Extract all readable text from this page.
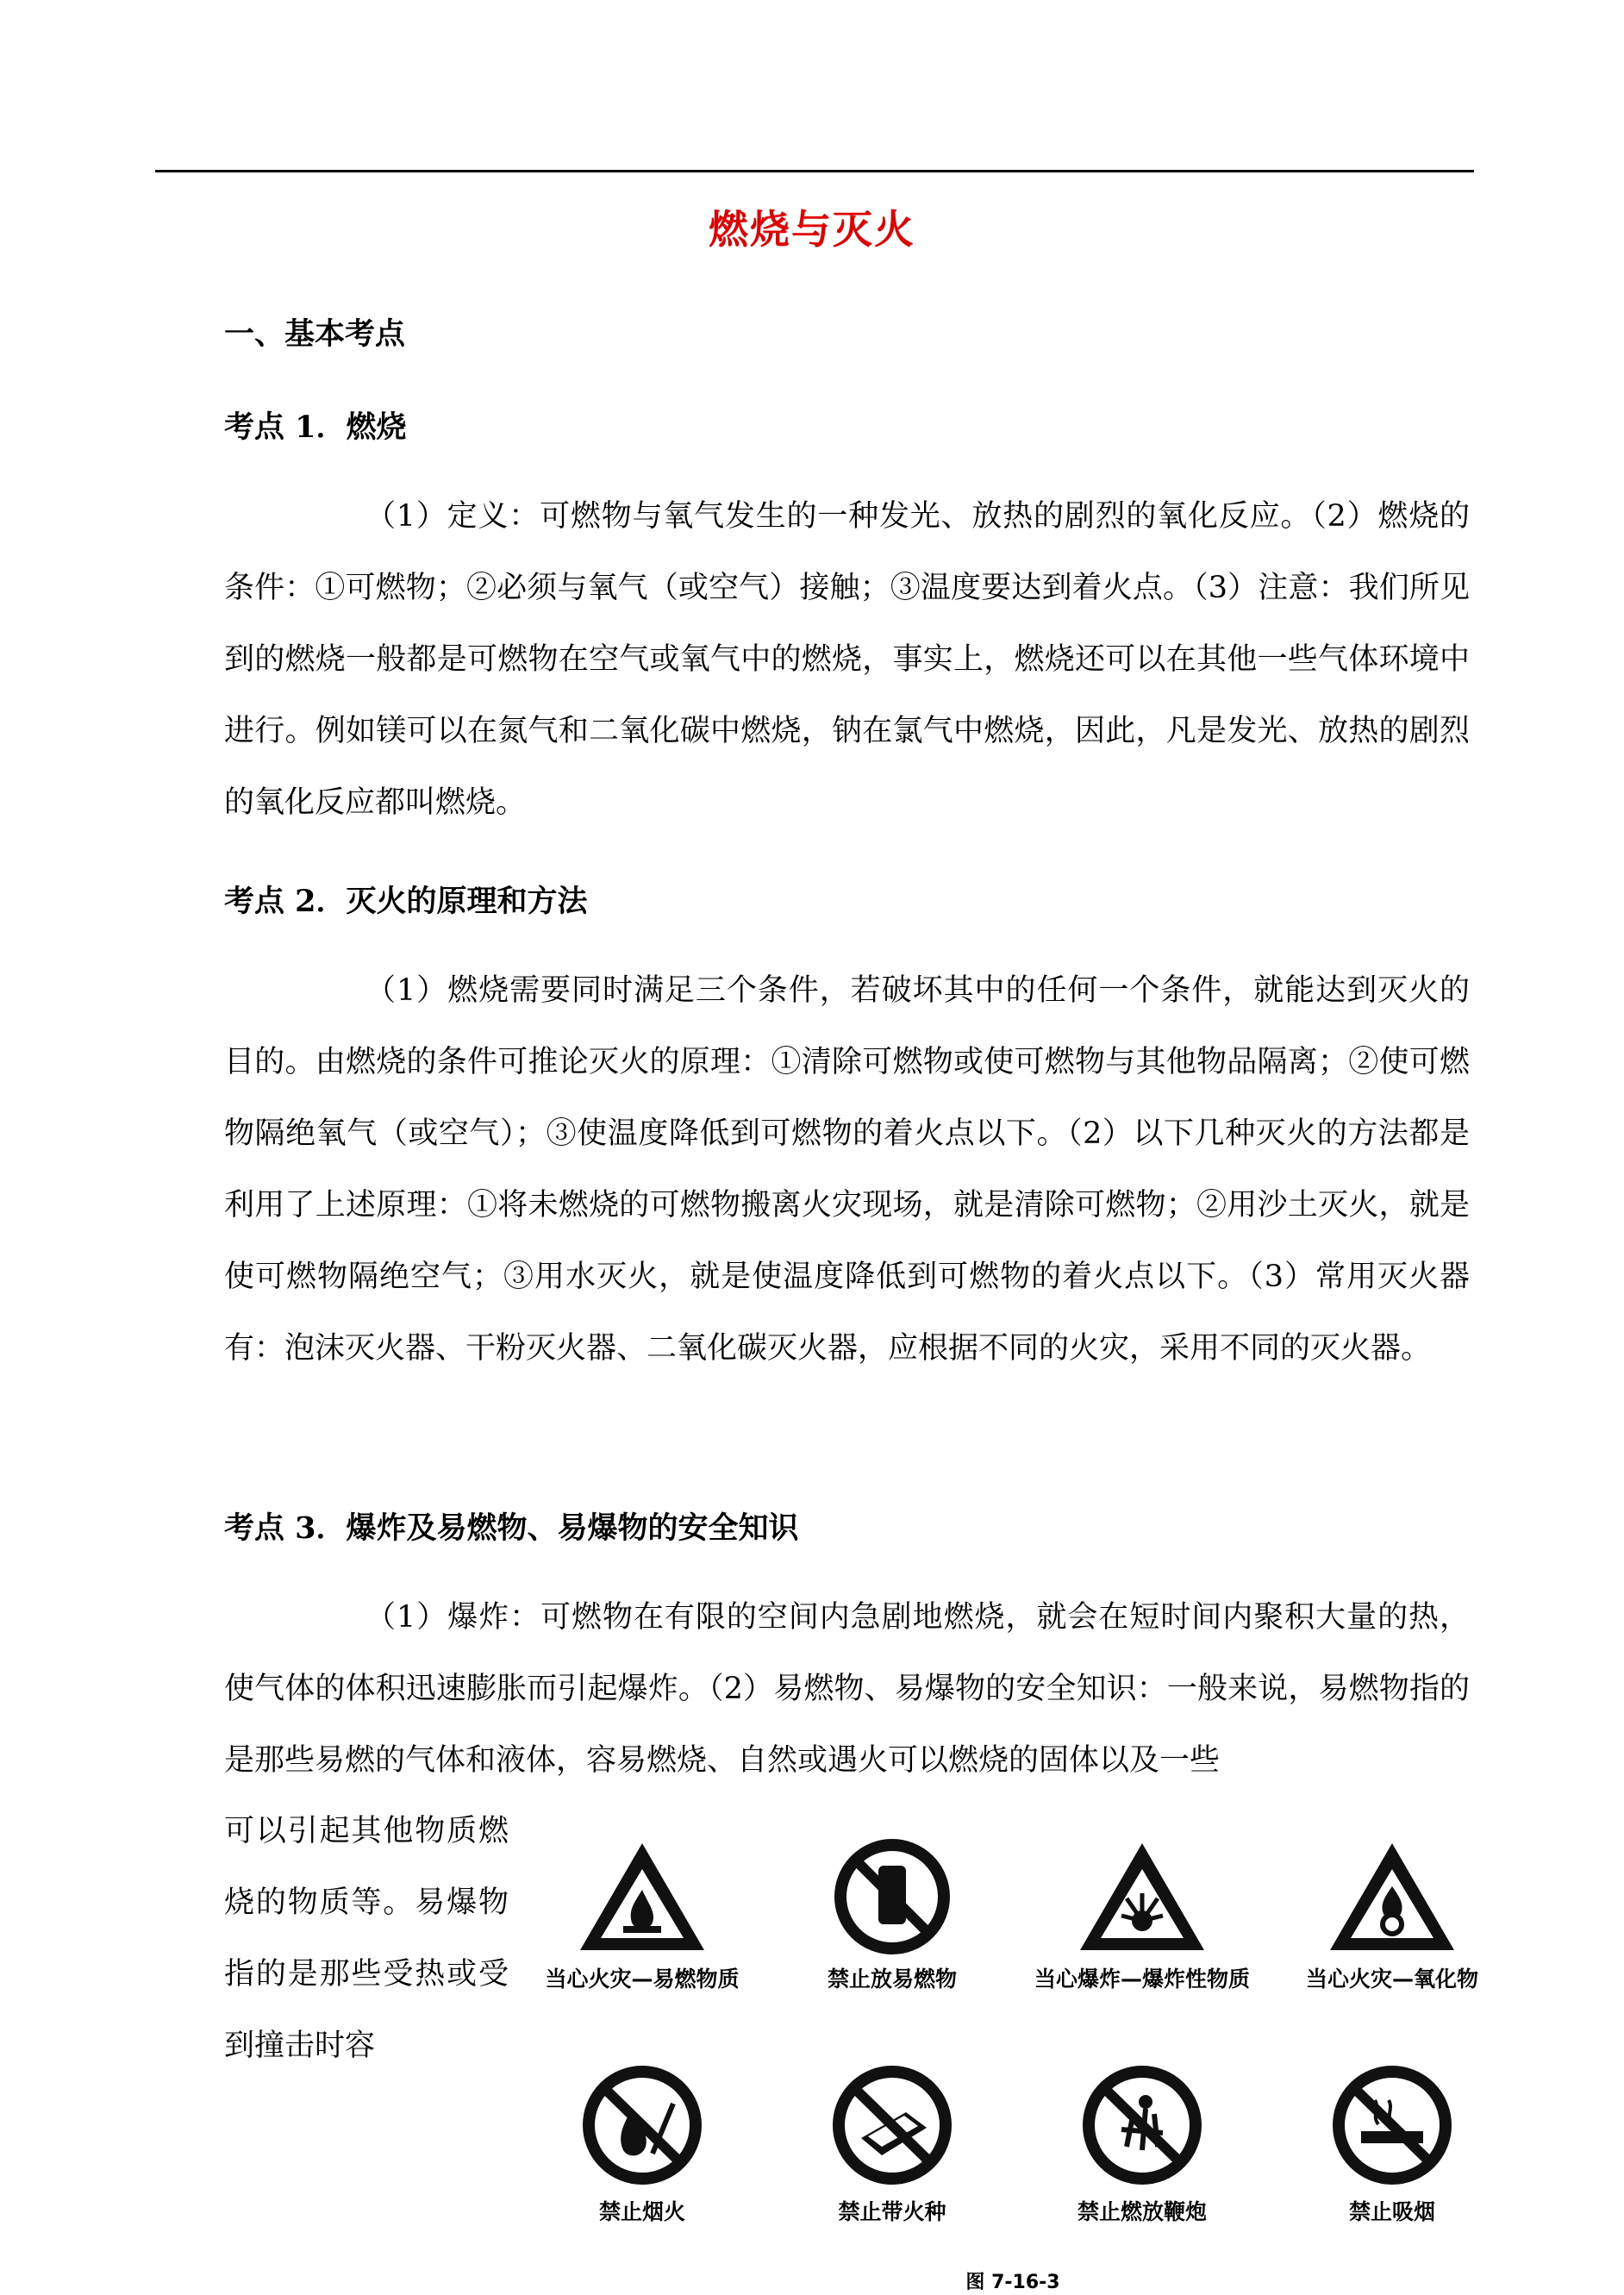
燃烧与灭火
一、基本考点
考点 1．燃烧
（1）定义：可燃物与氧气发生的一种发光、放热的剧烈的氧化反应。（2）燃烧的条件：①可燃物；②必须与氧气（或空气）接触；③温度要达到着火点。（3）注意：我们所见到的燃烧一般都是可燃物在空气或氧气中的燃烧，事实上，燃烧还可以在其他一些气体环境中进行。例如镁可以在氮气和二氧化碳中燃烧，钠在氯气中燃烧，因此，凡是发光、放热的剧烈的氧化反应都叫燃烧。
考点 2．灭火的原理和方法
（1）燃烧需要同时满足三个条件，若破坏其中的任何一个条件，就能达到灭火的目的。由燃烧的条件可推论灭火的原理：①清除可燃物或使可燃物与其他物品隔离；②使可燃物隔绝氧气（或空气）；③使温度降低到可燃物的着火点以下。（2）以下几种灭火的方法都是利用了上述原理：①将未燃烧的可燃物搬离火灾现场，就是清除可燃物；②用沙土灭火，就是使可燃物隔绝空气；③用水灭火，就是使温度降低到可燃物的着火点以下。（3）常用灭火器有：泡沫灭火器、干粉灭火器、二氧化碳灭火器，应根据不同的火灾，采用不同的灭火器。
考点 3．爆炸及易燃物、易爆物的安全知识
（1）爆炸：可燃物在有限的空间内急剧地燃烧，就会在短时间内聚积大量的热，使气体的体积迅速膨胀而引起爆炸。（2）易燃物、易爆物的安全知识：一般来说，易燃物指的是那些易燃的气体和液体，容易燃烧、自然或遇火可以燃烧的固体以及一些
可以引起其他物质燃烧的物质等。易爆物指的是那些受热或受到撞击时容
当心火灾—易燃物质	禁止放易燃物	当心爆炸—爆炸性物质	当心火灾—氧化物
禁止烟火	禁止带火种	禁止燃放鞭炮	禁止吸烟
图 7-16-3
